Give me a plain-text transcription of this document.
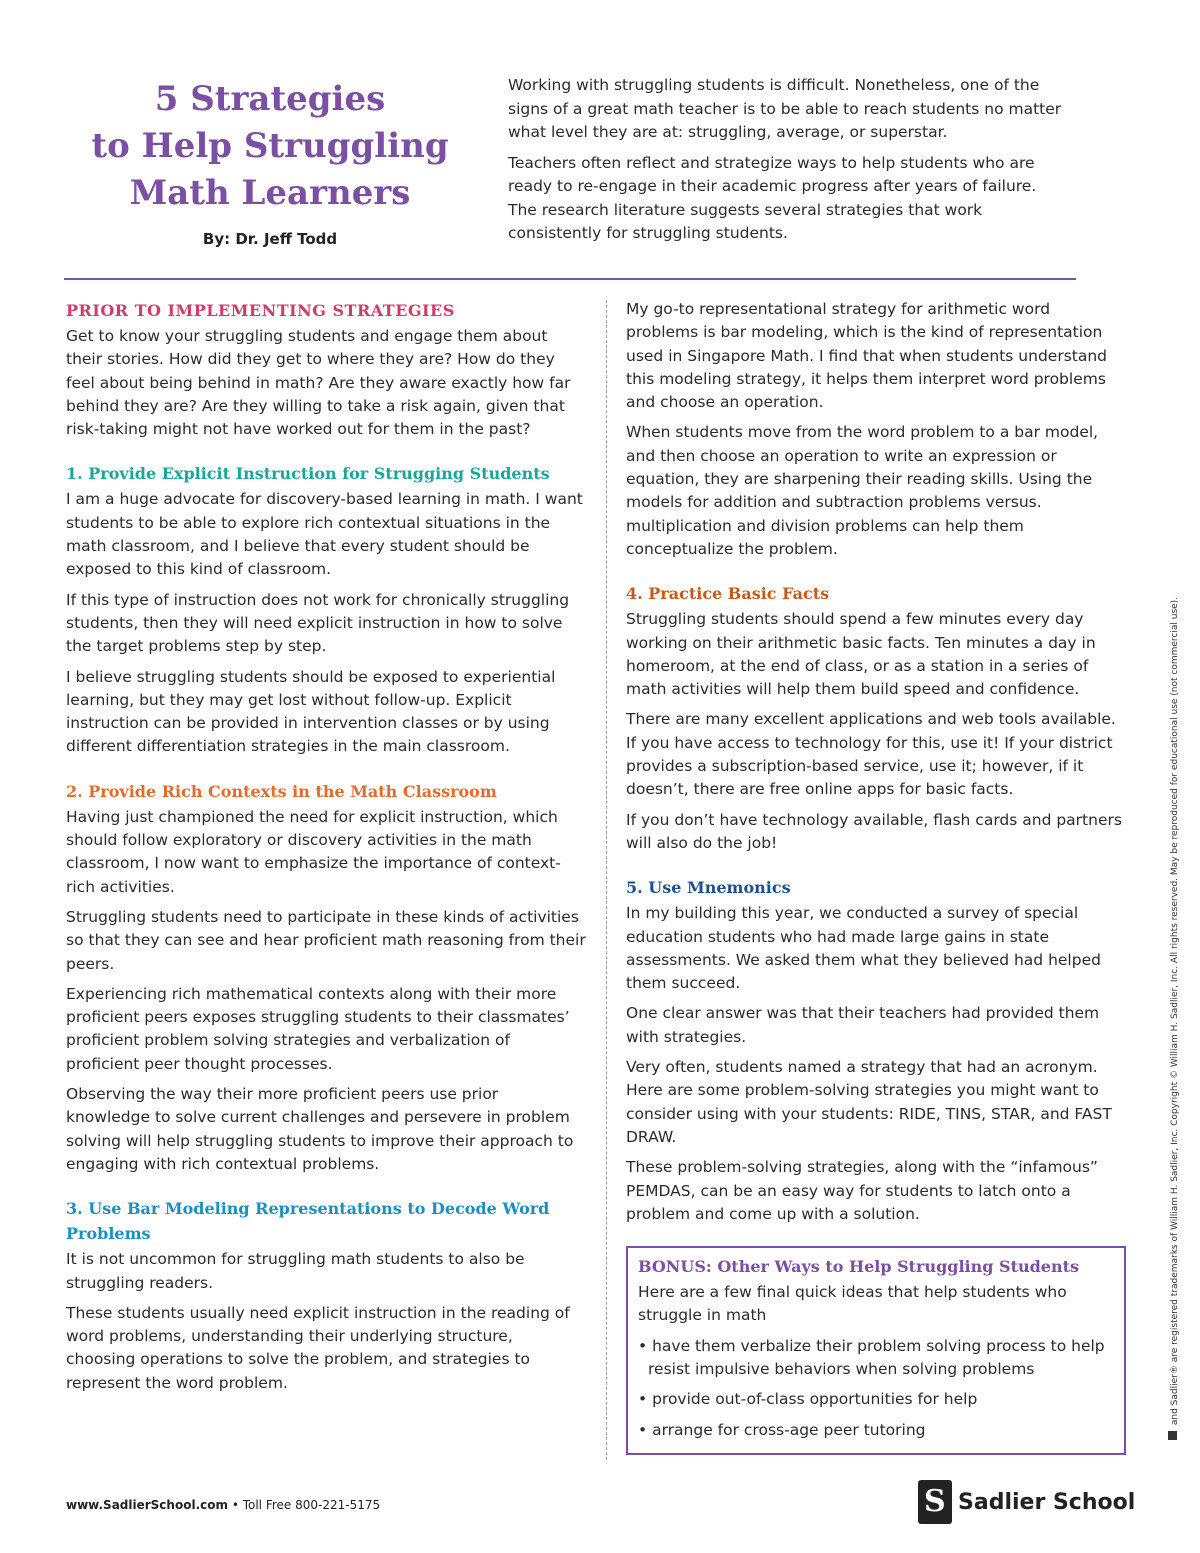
5 Strategies
to Help Struggling
Math Learners
By: Dr. Jeff Todd

Working with struggling students is difficult. Nonetheless, one of the signs of a great math teacher is to be able to reach students no matter what level they are at: struggling, average, or superstar.

Teachers often reflect and strategize ways to help students who are ready to re-engage in their academic progress after years of failure. The research literature suggests several strategies that work consistently for struggling students.

PRIOR TO IMPLEMENTING STRATEGIES

Get to know your struggling students and engage them about their stories. How did they get to where they are? How do they feel about being behind in math? Are they aware exactly how far behind they are? Are they willing to take a risk again, given that risk-taking might not have worked out for them in the past?

1. Provide Explicit Instruction for Strugging Students

I am a huge advocate for discovery-based learning in math. I want students to be able to explore rich contextual situations in the math classroom, and I believe that every student should be exposed to this kind of classroom.

If this type of instruction does not work for chronically struggling students, then they will need explicit instruction in how to solve the target problems step by step.

I believe struggling students should be exposed to experiential learning, but they may get lost without follow-up. Explicit instruction can be provided in intervention classes or by using different differentiation strategies in the main classroom.

2. Provide Rich Contexts in the Math Classroom

Having just championed the need for explicit instruction, which should follow exploratory or discovery activities in the math classroom, I now want to emphasize the importance of context-rich activities.

Struggling students need to participate in these kinds of activities so that they can see and hear proficient math reasoning from their peers.

Experiencing rich mathematical contexts along with their more proficient peers exposes struggling students to their classmates’ proficient problem solving strategies and verbalization of proficient peer thought processes.

Observing the way their more proficient peers use prior knowledge to solve current challenges and persevere in problem solving will help struggling students to improve their approach to engaging with rich contextual problems.

3. Use Bar Modeling Representations to Decode Word Problems

It is not uncommon for struggling math students to also be struggling readers.

These students usually need explicit instruction in the reading of word problems, understanding their underlying structure, choosing operations to solve the problem, and strategies to represent the word problem.

My go-to representational strategy for arithmetic word problems is bar modeling, which is the kind of representation used in Singapore Math. I find that when students understand this modeling strategy, it helps them interpret word problems and choose an operation.

When students move from the word problem to a bar model, and then choose an operation to write an expression or equation, they are sharpening their reading skills. Using the models for addition and subtraction problems versus. multiplication and division problems can help them conceptualize the problem.

4. Practice Basic Facts

Struggling students should spend a few minutes every day working on their arithmetic basic facts. Ten minutes a day in homeroom, at the end of class, or as a station in a series of math activities will help them build speed and confidence.

There are many excellent applications and web tools available. If you have access to technology for this, use it! If your district provides a subscription-based service, use it; however, if it doesn’t, there are free online apps for basic facts.

If you don’t have technology available, flash cards and partners will also do the job!

5. Use Mnemonics

In my building this year, we conducted a survey of special education students who had made large gains in state assessments. We asked them what they believed had helped them succeed.

One clear answer was that their teachers had provided them with strategies.

Very often, students named a strategy that had an acronym. Here are some problem-solving strategies you might want to consider using with your students: RIDE, TINS, STAR, and FAST DRAW.

These problem-solving strategies, along with the “infamous” PEMDAS, can be an easy way for students to latch onto a problem and come up with a solution.

BONUS: Other Ways to Help Struggling Students

Here are a few final quick ideas that help students who struggle in math

• have them verbalize their problem solving process to help resist impulsive behaviors when solving problems
• provide out-of-class opportunities for help
• arrange for cross-age peer tutoring
www.SadlierSchool.com • Toll Free 800-221-5175
S	Sadlier School
and Sadlier® are registered trademarks of William H. Sadlier, Inc. Copyright © William H. Sadlier, Inc. All rights reserved. May be reproduced for educational use (not commercial use).
